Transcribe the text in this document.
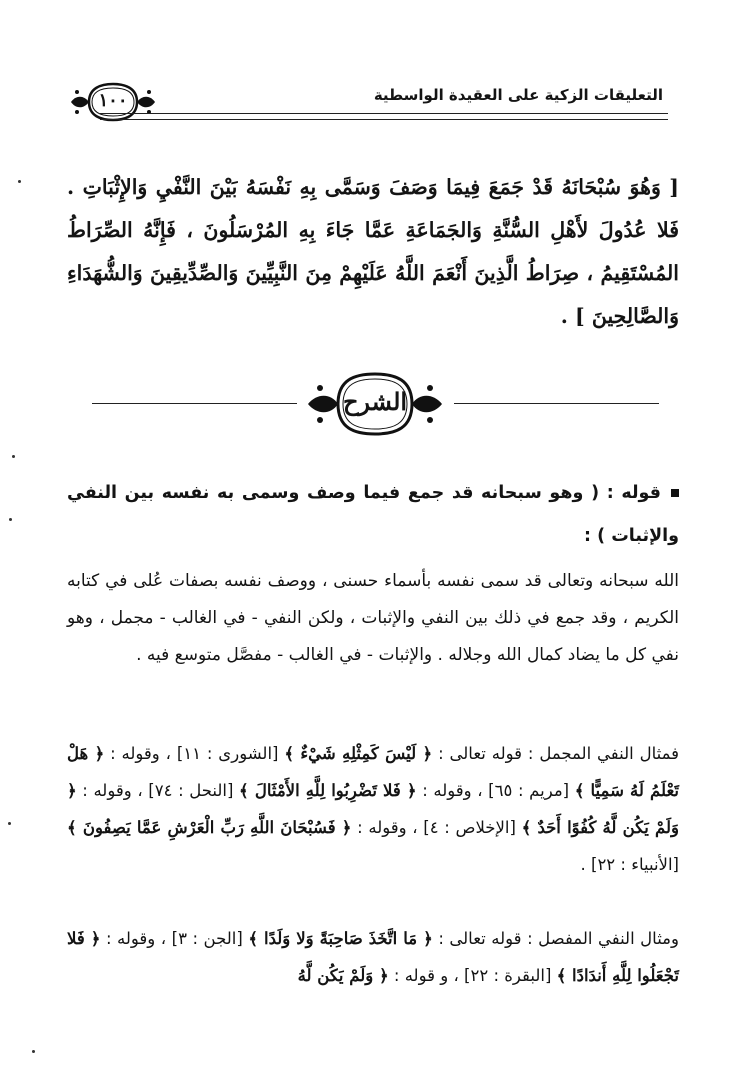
التعليقات الزكية على العقيدة الواسطية
١٠٠

[ وَهُوَ سُبْحَانَهُ قَدْ جَمَعَ فِيمَا وَصَفَ وَسَمَّى بِهِ نَفْسَهُ بَيْنَ النَّفْيِ وَالإِثْبَاتِ . فَلا عُدُولَ لأَهْلِ السُّنَّةِ وَالجَمَاعَةِ عَمَّا جَاءَ بِهِ المُرْسَلُونَ ، فَإِنَّهُ الصِّرَاطُ المُسْتَقِيمُ ، صِرَاطُ الَّذِينَ أَنْعَمَ اللَّهُ عَلَيْهِمْ مِنَ النَّبِيِّينَ وَالصِّدِّيقِينَ وَالشُّهَدَاءِ وَالصَّالِحِينَ ] .

الشرح

قوله : ( وهو سبحانه قد جمع فيما وصف وسمى به نفسه بين النفي والإثبات ) :

الله سبحانه وتعالى قد سمى نفسه بأسماء حسنى ، ووصف نفسه بصفات عُلى في كتابه الكريم ، وقد جمع في ذلك بين النفي والإثبات ، ولكن النفي - في الغالب - مجمل ، وهو نفي كل ما يضاد كمال الله وجلاله . والإثبات - في الغالب - مفصَّل متوسع فيه .

فمثال النفي المجمل : قوله تعالى : ﴿ لَيْسَ كَمِثْلِهِ شَيْءٌ ﴾ [الشورى : ١١] ، وقوله : ﴿ هَلْ تَعْلَمُ لَهُ سَمِيًّا ﴾ [مريم : ٦٥] ، وقوله : ﴿ فَلا تَضْرِبُوا لِلَّهِ الأَمْثَالَ ﴾ [النحل : ٧٤] ، وقوله : ﴿ وَلَمْ يَكُن لَّهُ كُفُوًا أَحَدٌ ﴾ [الإخلاص : ٤] ، وقوله : ﴿ فَسُبْحَانَ اللَّهِ رَبِّ الْعَرْشِ عَمَّا يَصِفُونَ ﴾ [الأنبياء : ٢٢] .

ومثال النفي المفصل : قوله تعالى : ﴿ مَا اتَّخَذَ صَاحِبَةً وَلا وَلَدًا ﴾ [الجن : ٣] ، وقوله : ﴿ فَلا تَجْعَلُوا لِلَّهِ أَندَادًا ﴾ [البقرة : ٢٢] ، و قوله : ﴿ وَلَمْ يَكُن لَّهُ
